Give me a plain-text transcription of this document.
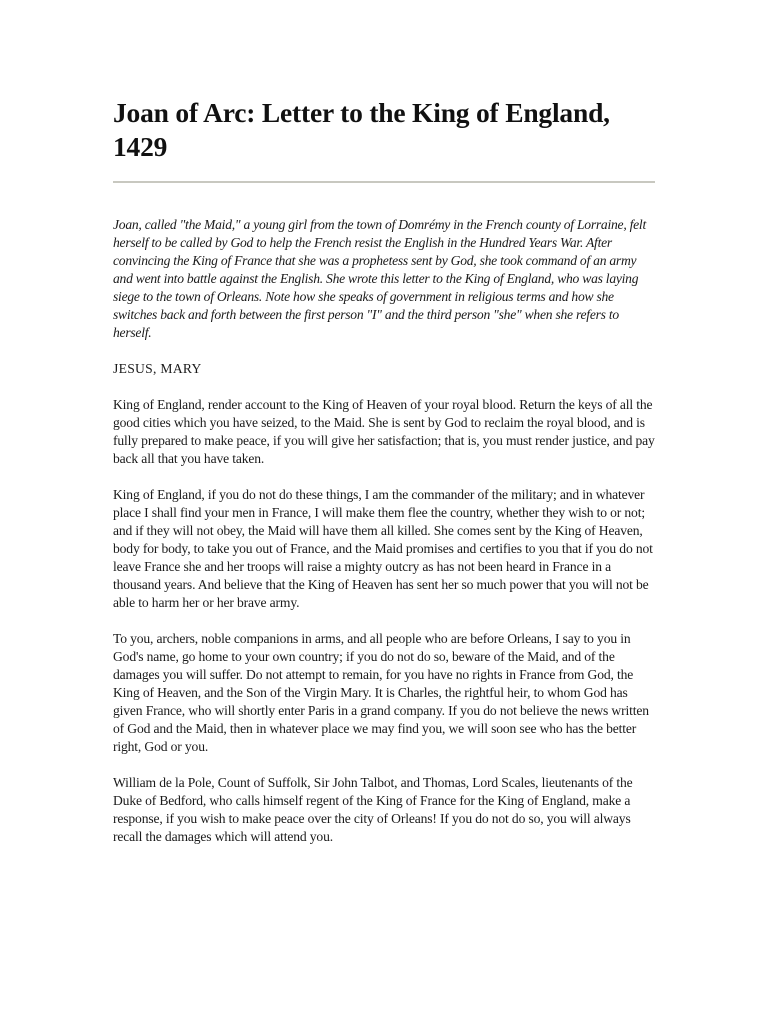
Joan of Arc: Letter to the King of England, 1429

Joan, called "the Maid," a young girl from the town of Domrémy in the French county of Lorraine, felt herself to be called by God to help the French resist the English in the Hundred Years War. After convincing the King of France that she was a prophetess sent by God, she took command of an army and went into battle against the English. She wrote this letter to the King of England, who was laying siege to the town of Orleans. Note how she speaks of government in religious terms and how she switches back and forth between the first person "I" and the third person "she" when she refers to herself.

JESUS, MARY

King of England, render account to the King of Heaven of your royal blood. Return the keys of all the good cities which you have seized, to the Maid. She is sent by God to reclaim the royal blood, and is fully prepared to make peace, if you will give her satisfaction; that is, you must render justice, and pay back all that you have taken.

King of England, if you do not do these things, I am the commander of the military; and in whatever place I shall find your men in France, I will make them flee the country, whether they wish to or not; and if they will not obey, the Maid will have them all killed. She comes sent by the King of Heaven, body for body, to take you out of France, and the Maid promises and certifies to you that if you do not leave France she and her troops will raise a mighty outcry as has not been heard in France in a thousand years. And believe that the King of Heaven has sent her so much power that you will not be able to harm her or her brave army.

To you, archers, noble companions in arms, and all people who are before Orleans, I say to you in God's name, go home to your own country; if you do not do so, beware of the Maid, and of the damages you will suffer. Do not attempt to remain, for you have no rights in France from God, the King of Heaven, and the Son of the Virgin Mary. It is Charles, the rightful heir, to whom God has given France, who will shortly enter Paris in a grand company. If you do not believe the news written of God and the Maid, then in whatever place we may find you, we will soon see who has the better right, God or you.

William de la Pole, Count of Suffolk, Sir John Talbot, and Thomas, Lord Scales, lieutenants of the Duke of Bedford, who calls himself regent of the King of France for the King of England, make a response, if you wish to make peace over the city of Orleans! If you do not do so, you will always recall the damages which will attend you.
